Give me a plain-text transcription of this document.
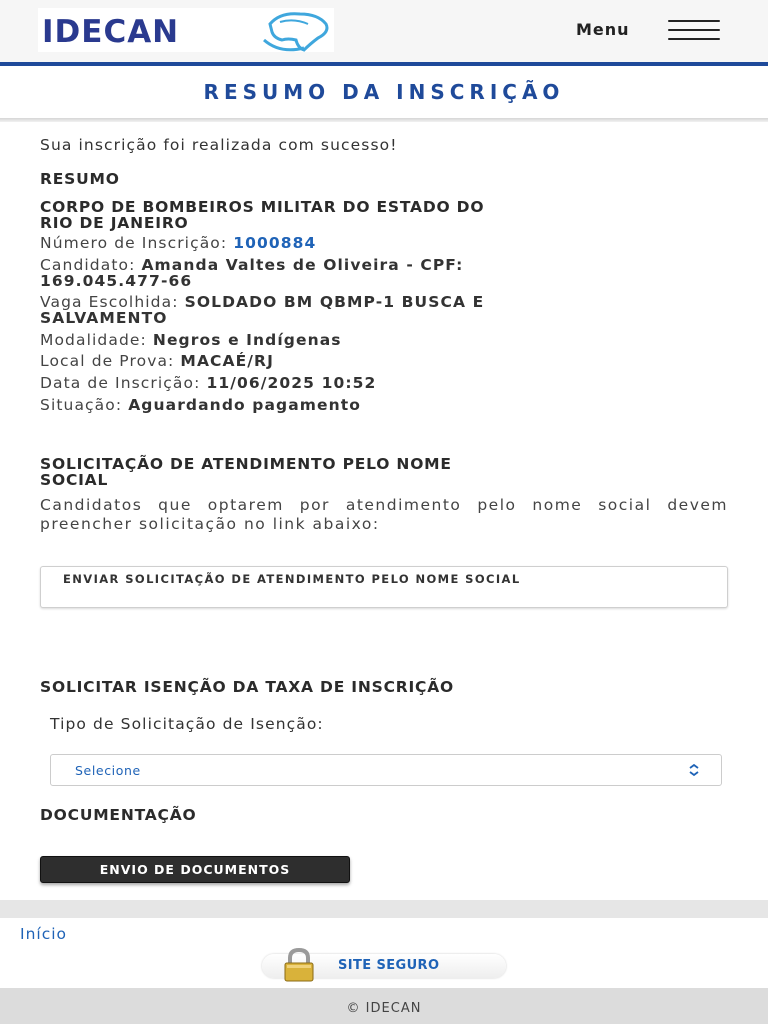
IDECAN	Menu
RESUMO DA INSCRIÇÃO
Sua inscrição foi realizada com sucesso!
RESUMO
CORPO DE BOMBEIROS MILITAR DO ESTADO DO
RIO DE JANEIRO
Número de Inscrição: 1000884
Candidato: Amanda Valtes de Oliveira - CPF:
169.045.477-66
Vaga Escolhida: SOLDADO BM QBMP-1 BUSCA E
SALVAMENTO
Modalidade: Negros e Indígenas
Local de Prova: MACAÉ/RJ
Data de Inscrição: 11/06/2025 10:52
Situação: Aguardando pagamento
SOLICITAÇÃO DE ATENDIMENTO PELO NOME
SOCIAL
Candidatos que optarem por atendimento pelo nome social devem preencher solicitação no link abaixo:
ENVIAR SOLICITAÇÃO DE ATENDIMENTO PELO NOME SOCIAL
SOLICITAR ISENÇÃO DA TAXA DE INSCRIÇÃO
Tipo de Solicitação de Isenção:
Selecione
DOCUMENTAÇÃO
ENVIO DE DOCUMENTOS
Início
SITE SEGURO
© IDECAN
